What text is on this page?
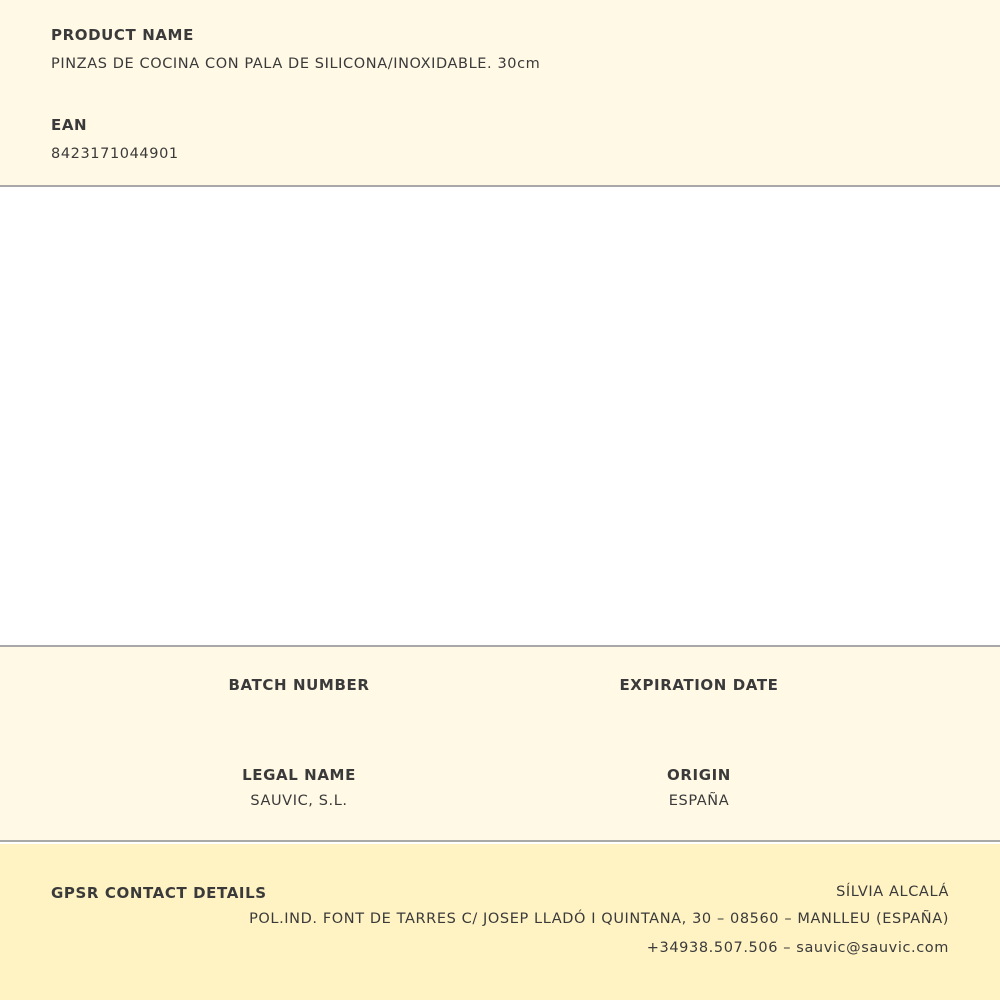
PRODUCT NAME
PINZAS DE COCINA CON PALA DE SILICONA/INOXIDABLE. 30cm
EAN
8423171044901
BATCH NUMBER	EXPIRATION DATE
LEGAL NAME
SAUVIC, S.L.
ORIGIN
ESPAÑA
GPSR CONTACT DETAILS	SÍLVIA ALCALÁ
POL.IND. FONT DE TARRES C/ JOSEP LLADÓ I QUINTANA, 30 – 08560 – MANLLEU (ESPAÑA)
+34938.507.506 – sauvic@sauvic.com
